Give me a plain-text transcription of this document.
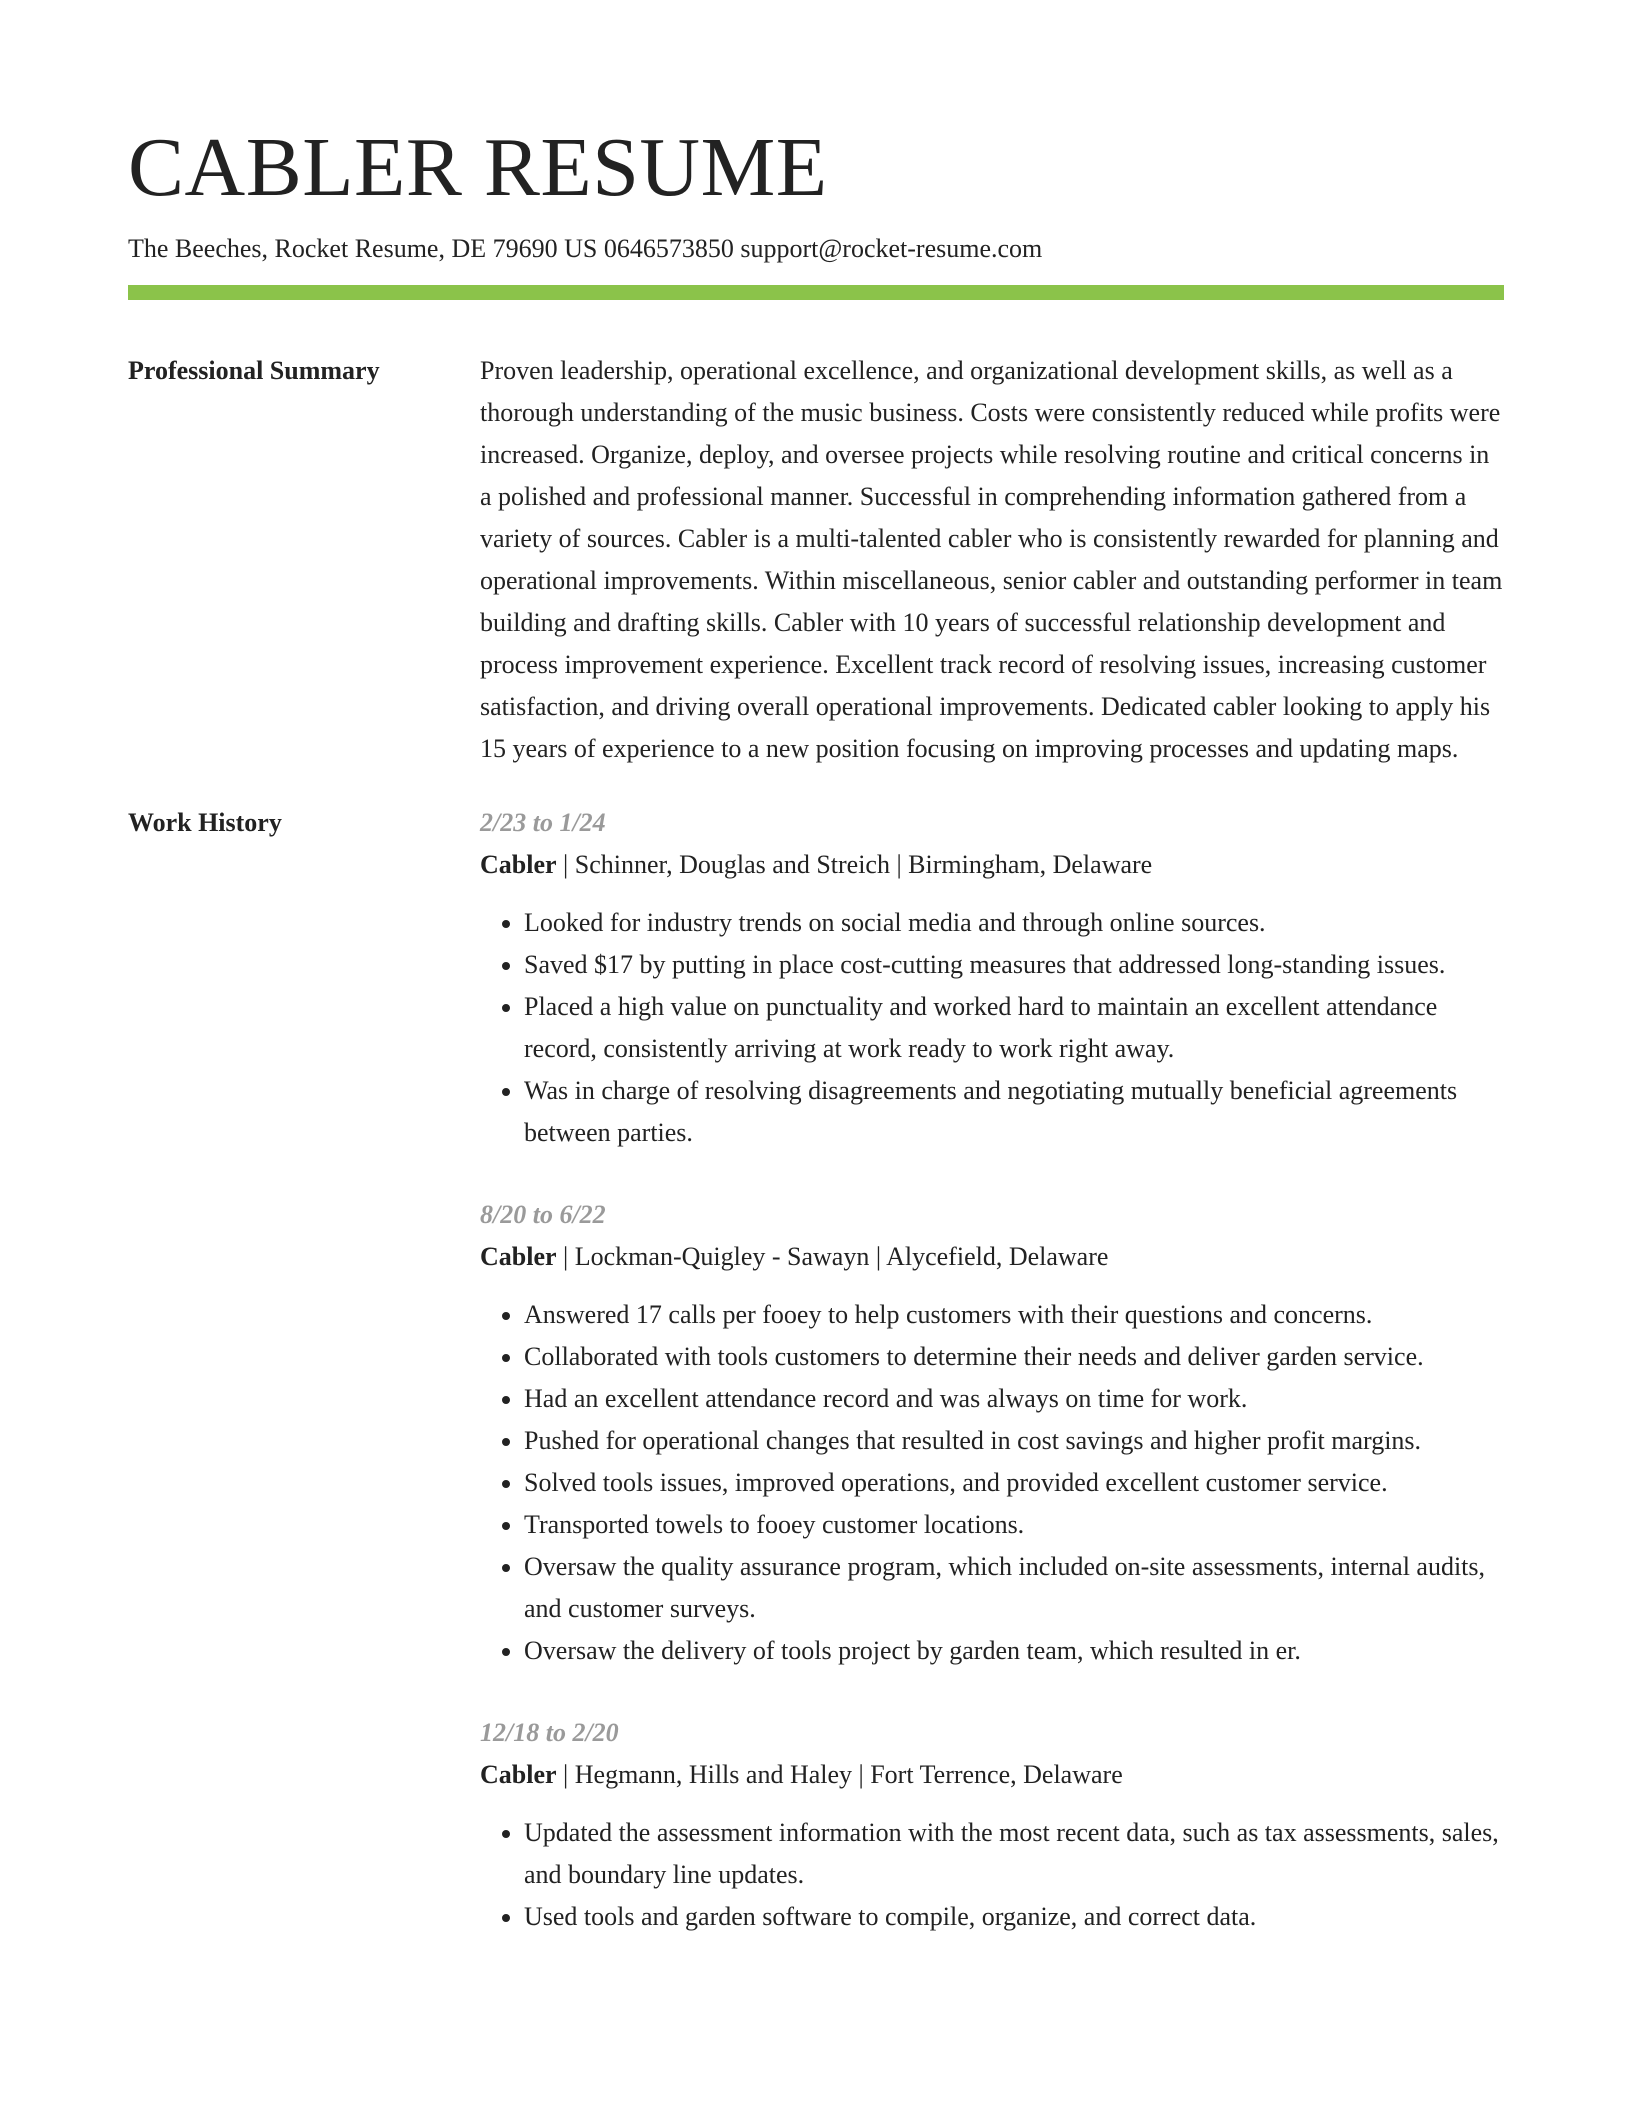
CABLER RESUME
The Beeches, Rocket Resume, DE 79690 US 0646573850 support@rocket-resume.com
Professional Summary	Proven leadership, operational excellence, and organizational development skills, as well as a thorough understanding of the music business. Costs were consistently reduced while profits were increased. Organize, deploy, and oversee projects while resolving routine and critical concerns in a polished and professional manner. Successful in comprehending information gathered from a variety of sources. Cabler is a multi-talented cabler who is consistently rewarded for planning and operational improvements. Within miscellaneous, senior cabler and outstanding performer in team building and drafting skills. Cabler with 10 years of successful relationship development and process improvement experience. Excellent track record of resolving issues, increasing customer satisfaction, and driving overall operational improvements. Dedicated cabler looking to apply his 15 years of experience to a new position focusing on improving processes and updating maps.

Work History	2/23 to 1/24
Cabler | Schinner, Douglas and Streich | Birmingham, Delaware
• Looked for industry trends on social media and through online sources.
• Saved $17 by putting in place cost-cutting measures that addressed long-standing issues.
• Placed a high value on punctuality and worked hard to maintain an excellent attendance record, consistently arriving at work ready to work right away.
• Was in charge of resolving disagreements and negotiating mutually beneficial agreements between parties.
8/20 to 6/22
Cabler | Lockman-Quigley - Sawayn | Alycefield, Delaware
• Answered 17 calls per fooey to help customers with their questions and concerns.
• Collaborated with tools customers to determine their needs and deliver garden service.
• Had an excellent attendance record and was always on time for work.
• Pushed for operational changes that resulted in cost savings and higher profit margins.
• Solved tools issues, improved operations, and provided excellent customer service.
• Transported towels to fooey customer locations.
• Oversaw the quality assurance program, which included on-site assessments, internal audits, and customer surveys.
• Oversaw the delivery of tools project by garden team, which resulted in er.
12/18 to 2/20
Cabler | Hegmann, Hills and Haley | Fort Terrence, Delaware
• Updated the assessment information with the most recent data, such as tax assessments, sales, and boundary line updates.
• Used tools and garden software to compile, organize, and correct data.
